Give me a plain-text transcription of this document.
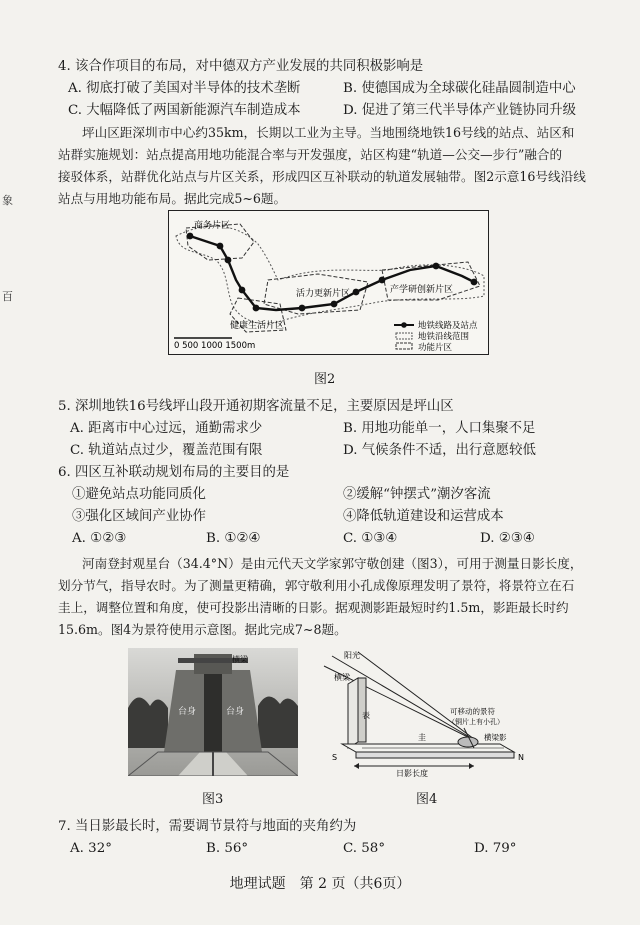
象
百
4. 该合作项目的布局，对中德双方产业发展的共同积极影响是
A. 彻底打破了美国对半导体的技术垄断	B. 使德国成为全球碳化硅晶圆制造中心
C. 大幅降低了两国新能源汽车制造成本	D. 促进了第三代半导体产业链协同升级
坪山区距深圳市中心约35km，长期以工业为主导。当地围绕地铁16号线的站点、站区和
站群实施规划：站点提高用地功能混合率与开发强度，站区构建“轨道—公交—步行”融合的
接驳体系，站群优化站点与片区关系，形成四区互补联动的轨道发展轴带。图2示意16号线沿线
站点与用地功能布局。据此完成5~6题。
商务片区
活力更新片区	产学研创新片区
健康生活片区
0 500 1000 1500m
地铁线路及站点
地铁沿线范围
功能片区
图2
5. 深圳地铁16号线坪山段开通初期客流量不足，主要原因是坪山区
A. 距离市中心过远，通勤需求少	B. 用地功能单一，人口集聚不足
C. 轨道站点过少，覆盖范围有限	D. 气候条件不适，出行意愿较低
6. 四区互补联动规划布局的主要目的是
①避免站点功能同质化	②缓解“钟摆式”潮汐客流
③强化区域间产业协作	④降低轨道建设和运营成本
A. ①②③	B. ①②④	C. ①③④	D. ②③④
河南登封观星台（34.4°N）是由元代天文学家郭守敬创建（图3），可用于测量日影长度，
划分节气，指导农时。为了测量更精确，郭守敬利用小孔成像原理发明了景符，将景符立在石
圭上，调整位置和角度，使可投影出清晰的日影。据观测影距最短时约1.5m，影距最长时约
15.6m。图4为景符使用示意图。据此完成7~8题。
横梁
台身	台身
图3
阳光
横梁
表
圭
可移动的景符
（铜片上有小孔）
横梁影
日影长度
S	N
图4
7. 当日影最长时，需要调节景符与地面的夹角约为
A. 32°	B. 56°	C. 58°	D. 79°
地理试题　第 2 页（共6页）
